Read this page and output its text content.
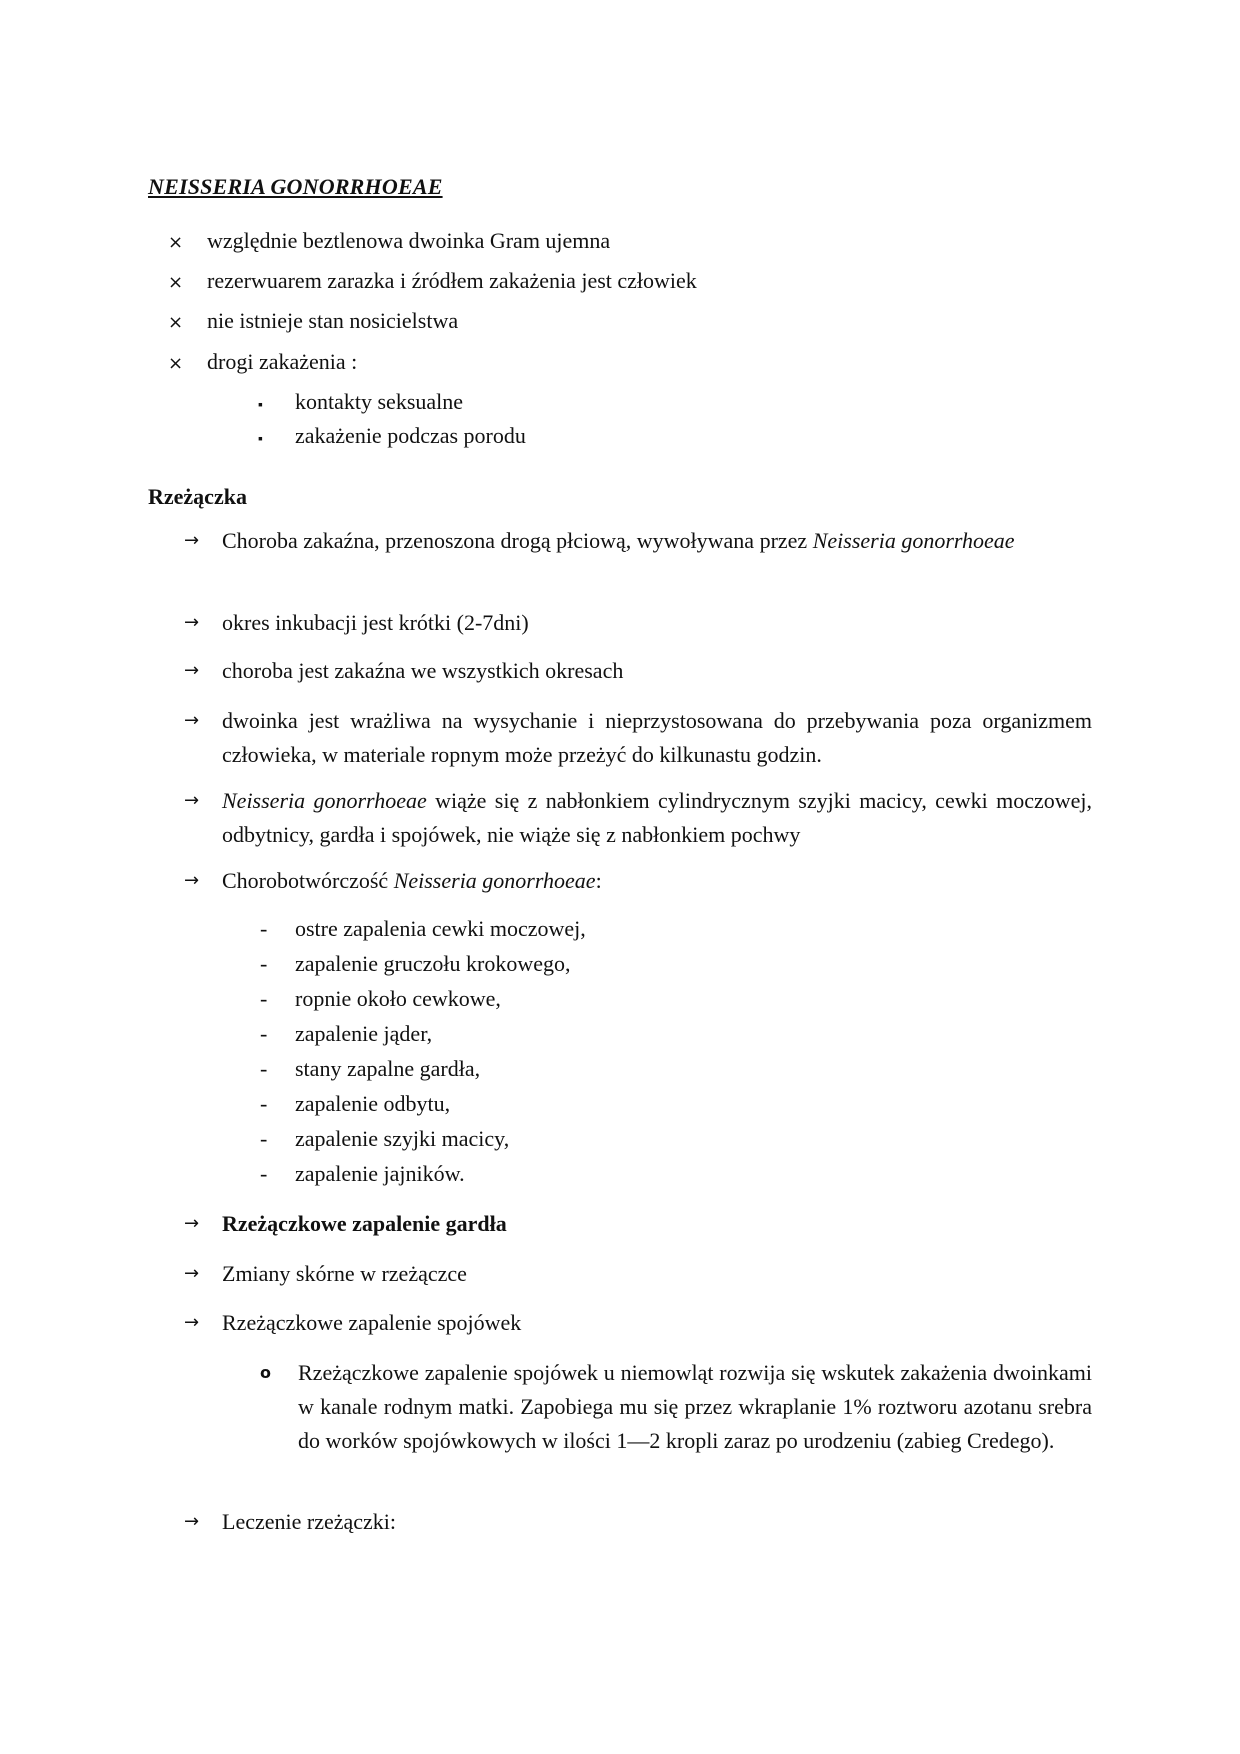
NEISSERIA GONORRHOEAE
× względnie beztlenowa dwoinka Gram ujemna
× rezerwuarem zarazka i źródłem zakażenia jest człowiek
× nie istnieje stan nosicielstwa
× drogi zakażenia :
▪ kontakty seksualne
▪ zakażenie podczas porodu
Rzeżączka
→ Choroba zakaźna, przenoszona drogą płciową, wywoływana przez Neisseria gonorrhoeae
→ okres inkubacji jest krótki (2-7dni)
→ choroba jest zakaźna we wszystkich okresach
→ dwoinka jest wrażliwa na wysychanie i nieprzystosowana do przebywania poza organizmem człowieka, w materiale ropnym może przeżyć do kilkunastu godzin.
→ Neisseria gonorrhoeae wiąże się z nabłonkiem cylindrycznym szyjki macicy, cewki moczowej, odbytnicy, gardła i spojówek, nie wiąże się z nabłonkiem pochwy
→ Chorobotwórczość Neisseria gonorrhoeae:
- ostre zapalenia cewki moczowej,
- zapalenie gruczołu krokowego,
- ropnie około cewkowe,
- zapalenie jąder,
- stany zapalne gardła,
- zapalenie odbytu,
- zapalenie szyjki macicy,
- zapalenie jajników.
→ Rzeżączkowe zapalenie gardła
→ Zmiany skórne w rzeżączce
→ Rzeżączkowe zapalenie spojówek
o Rzeżączkowe zapalenie spojówek u niemowląt rozwija się wskutek zakażenia dwoinkami w kanale rodnym matki. Zapobiega mu się przez wkraplanie 1% roztworu azotanu srebra do worków spojówkowych w ilości 1—2 kropli zaraz po urodzeniu (zabieg Credego).
→ Leczenie rzeżączki:
